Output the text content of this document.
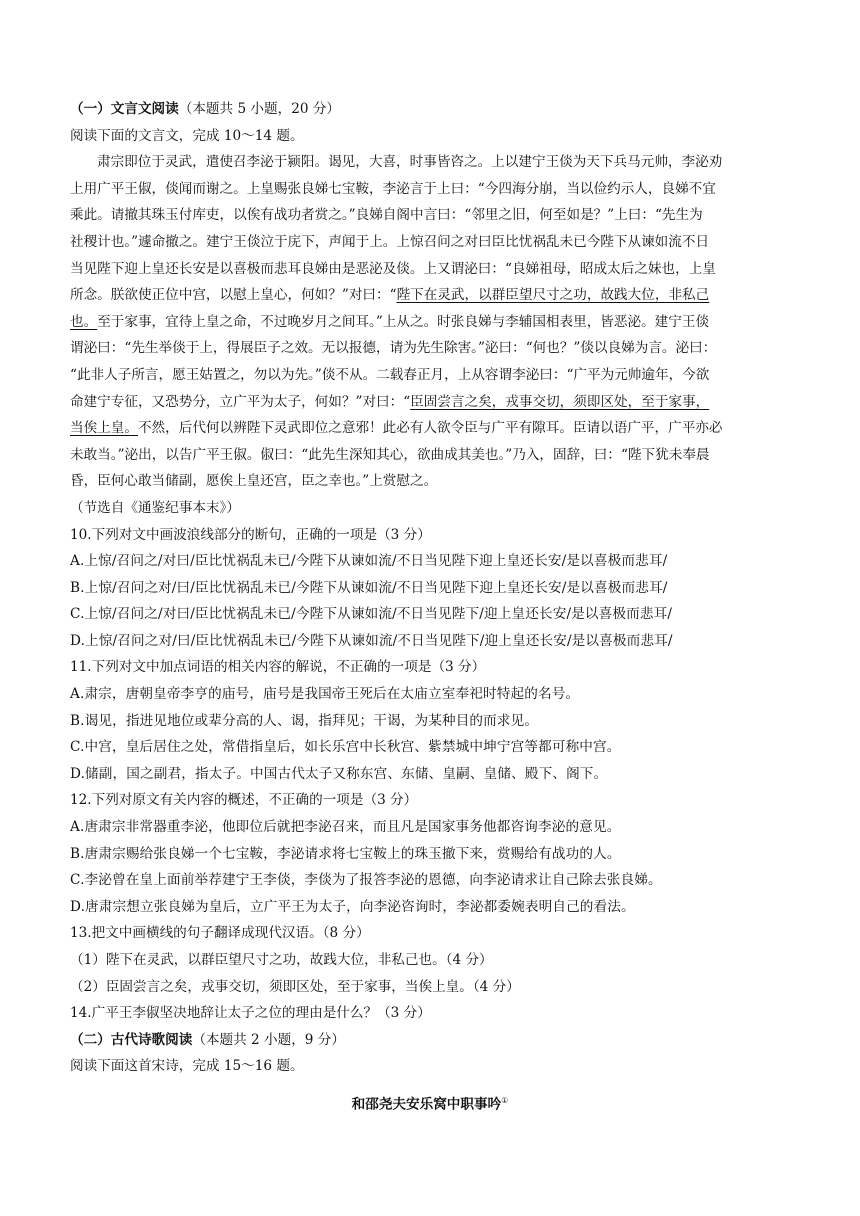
（一）文言文阅读（本题共 5 小题，20 分）
阅读下面的文言文，完成 10～14 题。
肃宗即位于灵武，遣使召李泌于颍阳。谒见，大喜，时事皆咨之。上以建宁王倓为天下兵马元帅，李泌劝
上用广平王俶，倓闻而谢之。上皇赐张良娣七宝鞍，李泌言于上曰：“今四海分崩，当以俭约示人，良娣不宜
乘此。请撤其珠玉付库吏，以俟有战功者赏之。”良娣自阁中言曰：“邻里之旧，何至如是？”上曰：“先生为
社稷计也。”遽命撤之。建宁王倓泣于庑下，声闻于上。上惊召问之对曰臣比忧祸乱未已今陛下从谏如流不日
当见陛下迎上皇还长安是以喜极而悲耳良娣由是恶泌及倓。上又谓泌曰：“良娣祖母，昭成太后之妹也，上皇
所念。朕欲使正位中宫，以慰上皇心，何如？”对曰：“陛下在灵武，以群臣望尺寸之功，故践大位，非私己
也。至于家事，宜待上皇之命，不过晚岁月之间耳。”上从之。时张良娣与李辅国相表里，皆恶泌。建宁王倓
谓泌曰：“先生举倓于上，得展臣子之效。无以报德，请为先生除害。”泌曰：“何也？”倓以良娣为言。泌曰：
“此非人子所言，愿王姑置之，勿以为先。”倓不从。二载春正月，上从容谓李泌曰：“广平为元帅逾年，今欲
命建宁专征，又恐势分，立广平为太子，何如？”对曰：“臣固尝言之矣，戎事交切，须即区处，至于家事，
当俟上皇。不然，后代何以辨陛下灵武即位之意邪！此必有人欲令臣与广平有隙耳。臣请以语广平，广平亦必
未敢当。”泌出，以告广平王俶。俶曰：“此先生深知其心，欲曲成其美也。”乃入，固辞，曰：“陛下犹未奉晨
昏，臣何心敢当储副，愿俟上皇还宫，臣之幸也。”上赏慰之。
（节选自《通鉴纪事本末》）
10.下列对文中画波浪线部分的断句，正确的一项是（3 分）
A.上惊/召问之/对曰/臣比忧祸乱未已/今陛下从谏如流/不日当见陛下迎上皇还长安/是以喜极而悲耳/
B.上惊/召问之对/曰/臣比忧祸乱未已/今陛下从谏如流/不日当见陛下迎上皇还长安/是以喜极而悲耳/
C.上惊/召问之/对曰/臣比忧祸乱未已/今陛下从谏如流/不日当见陛下/迎上皇还长安/是以喜极而悲耳/
D.上惊/召问之对/曰/臣比忧祸乱未已/今陛下从谏如流/不日当见陛下/迎上皇还长安/是以喜极而悲耳/
11.下列对文中加点词语的相关内容的解说，不正确的一项是（3 分）
A.肃宗，唐朝皇帝李亨的庙号，庙号是我国帝王死后在太庙立室奉祀时特起的名号。
B.谒见，指进见地位或辈分高的人、谒，指拜见；干谒，为某种目的而求见。
C.中宫，皇后居住之处，常借指皇后，如长乐宫中长秋宫、紫禁城中坤宁宫等都可称中宫。
D.储副，国之副君，指太子。中国古代太子又称东宫、东储、皇嗣、皇储、殿下、阁下。
12.下列对原文有关内容的概述，不正确的一项是（3 分）
A.唐肃宗非常器重李泌，他即位后就把李泌召来，而且凡是国家事务他都咨询李泌的意见。
B.唐肃宗赐给张良娣一个七宝鞍，李泌请求将七宝鞍上的珠玉撤下来，赏赐给有战功的人。
C.李泌曾在皇上面前举荐建宁王李倓，李倓为了报答李泌的恩德，向李泌请求让自己除去张良娣。
D.唐肃宗想立张良娣为皇后，立广平王为太子，向李泌咨询时，李泌都委婉表明自己的看法。
13.把文中画横线的句子翻译成现代汉语。（8 分）
（1）陛下在灵武，以群臣望尺寸之功，故践大位，非私己也。（4 分）
（2）臣固尝言之矣，戎事交切，须即区处，至于家事，当俟上皇。（4 分）
14.广平王李俶坚决地辞让太子之位的理由是什么？（3 分）
（二）古代诗歌阅读（本题共 2 小题，9 分）
阅读下面这首宋诗，完成 15～16 题。
和邵尧夫安乐窝中职事吟①
